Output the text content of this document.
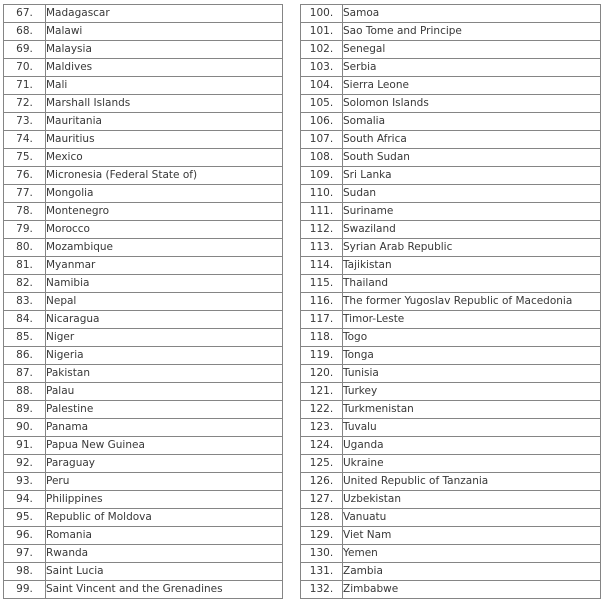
67.	Madagascar
68.	Malawi
69.	Malaysia
70.	Maldives
71.	Mali
72.	Marshall Islands
73.	Mauritania
74.	Mauritius
75.	Mexico
76.	Micronesia (Federal State of)
77.	Mongolia
78.	Montenegro
79.	Morocco
80.	Mozambique
81.	Myanmar
82.	Namibia
83.	Nepal
84.	Nicaragua
85.	Niger
86.	Nigeria
87.	Pakistan
88.	Palau
89.	Palestine
90.	Panama
91.	Papua New Guinea
92.	Paraguay
93.	Peru
94.	Philippines
95.	Republic of Moldova
96.	Romania
97.	Rwanda
98.	Saint Lucia
99.	Saint Vincent and the Grenadines
100.	Samoa
101.	Sao Tome and Principe
102.	Senegal
103.	Serbia
104.	Sierra Leone
105.	Solomon Islands
106.	Somalia
107.	South Africa
108.	South Sudan
109.	Sri Lanka
110.	Sudan
111.	Suriname
112.	Swaziland
113.	Syrian Arab Republic
114.	Tajikistan
115.	Thailand
116.	The former Yugoslav Republic of Macedonia
117.	Timor-Leste
118.	Togo
119.	Tonga
120.	Tunisia
121.	Turkey
122.	Turkmenistan
123.	Tuvalu
124.	Uganda
125.	Ukraine
126.	United Republic of Tanzania
127.	Uzbekistan
128.	Vanuatu
129.	Viet Nam
130.	Yemen
131.	Zambia
132.	Zimbabwe
